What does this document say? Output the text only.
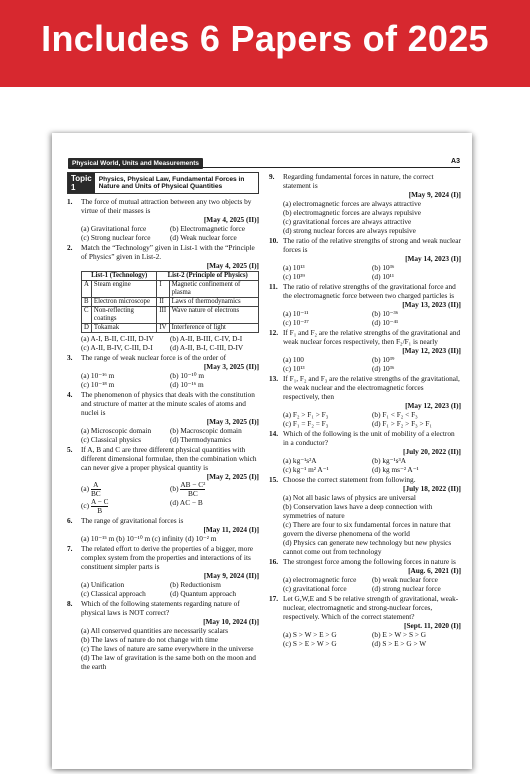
Includes 6 Papers of 2025
Physical World, Units and Measurements	A3
Topic 1
Physics, Physical Law, Fundamental Forces in Nature and Units of Physical Quantities
1.	The force of mutual attraction between any two objects by virtue of their masses is
[May 4, 2025 (II)]
(a) Gravitational force	(b) Electromagnetic force
(c) Strong nuclear force	(d) Weak nuclear force
2.	Match the “Technology” given in List-1 with the “Principle of Physics” given in List-2.
[May 4, 2025 (I)]
List-1 (Technology)		List-2 (Principle of Physics)	
A	Steam engine	I	Magnetic confinement of plasma
B	Electron microscope	II	Laws of thermodynamics
C	Non-reflecting coatings	III	Wave nature of electrons
D	Tokamak	IV	Interference of light
(a) A-I, B-II, C-III, D-IV	(b) A-II, B-III, C-IV, D-I
(c) A-II, B-IV, C-III, D-I	(d) A-II, B-I, C-III, D-IV
3.	The range of weak nuclear force is of the order of
[May 3, 2025 (II)]
(a) 10⁻¹⁶ m	(b) 10⁻¹⁰ m
(c) 10⁻¹⁸ m	(d) 10⁻¹⁶ m
4.	The phenomenon of physics that deals with the constitution and structure of matter at the minute scales of atoms and nuclei is
[May 3, 2025 (I)]
(a) Microscopic domain	(b) Macroscopic domain
(c) Classical physics	(d) Thermodynamics
5.	If A, B and C are three different physical quantities with different dimensional formulae, then the combination which can never give a proper physical quantity is
[May 2, 2025 (I)]
$(a) \frac{A}{BC}$	$(b) \frac{\text{AB − C²}}{BC}$
$(c) \frac{A - C}{B}$	(d) AC − B
6.	The range of gravitational forces is
[May 11, 2024 (I)]
(a) 10⁻¹⁵ m (b) 10⁻¹⁰ m (c) infinity (d) 10⁻² m
7.	The related effort to derive the properties of a bigger, more complex system from the properties and interactions of its constituent simpler parts is
[May 9, 2024 (II)]
(a) Unification	(b) Reductionism
(c) Classical approach	(d) Quantum approach
8.	Which of the following statements regarding nature of physical laws is NOT correct?
[May 10, 2024 (I)]
(a) All conserved quantities are necessarily scalars
(b) The laws of nature do not change with time
(c) The laws of nature are same everywhere in the universe
(d) The law of gravitation is the same both on the moon and the earth
9.	Regarding fundamental forces in nature, the correct statement is
[May 9, 2024 (I)]
(a) electromagnetic forces are always attractive
(b) electromagnetic forces are always repulsive
(c) gravitational forces are always attractive
(d) strong nuclear forces are always repulsive
10. The ratio of the relative strengths of strong and weak nuclear forces is
[May 14, 2023 (I)]
(a) 10¹³	(b) 10³⁶
(c) 10³⁹	(d) 10¹¹
11. The ratio of relative strengths of the gravitational force and the electromagnetic force between two charged particles is
[May 13, 2023 (II)]
(a) 10⁻¹¹	(b) 10⁻³⁶
(c) 10⁻³⁷	(d) 10⁻⁴¹
12. If F₁ and F₂ are the relative strengths of the gravitational and weak nuclear forces respectively, then F₂/F₁ is nearly
[May 12, 2023 (II)]
(a) 100	(b) 10³⁹
(c) 10¹³	(d) 10³⁶
13. If F₁, F₂ and F₃ are the relative strengths of the gravitational, the weak nuclear and the electromagnetic forces respectively, then
[May 12, 2023 (I)]
(a) F₂ > F₁ > F₃	(b) F₁ < F₂ < F₃
(c) F₁ = F₂ = F₃	(d) F₁ > F₂ > F₃ > F₁
14. Which of the following is the unit of mobility of a electron in a conductor?
[July 20, 2022 (II)]
(a) kg⁻¹s²A	(b) kg⁻¹s³A
(c) kg⁻¹ m² A⁻¹	(d) kg ms⁻² A⁻¹
15. Choose the correct statement from following.
[July 18, 2022 (II)]
(a) Not all basic laws of physics are universal
(b) Conservation laws have a deep connection with symmetries of nature
(c) There are four to six fundamental forces in nature that govern the diverse phenomena of the world
(d) Physics can generate new technology but new physics cannot come out from technology
16. The strongest force among the following forces in nature is
[Aug. 6, 2021 (I)]
(a) electromagnetic force	(b) weak nuclear force
(c) gravitational force	(d) strong nuclear force
17. Let G,W,E and S be relative strength of gravitational, weak-nuclear, electromagnetic and strong-nuclear forces, respectively. Which of the correct statement?
[Sept. 11, 2020 (I)]
(a) S > W > E > G	(b) E > W > S > G
(c) S > E > W > G	(d) S > E > G > W
